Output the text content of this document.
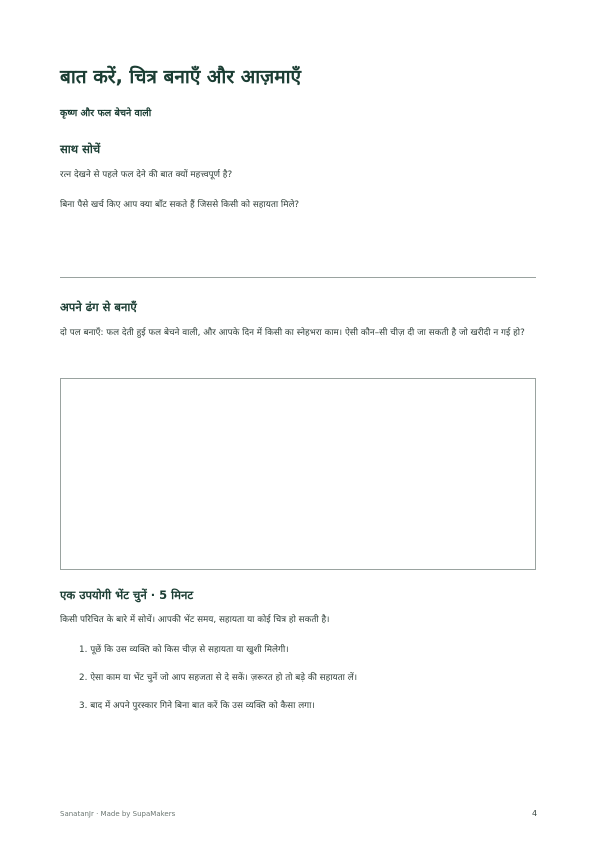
बात करें, चित्र बनाएँ और आज़माएँ

कृष्ण और फल बेचने वाली

साथ सोचें

रत्न देखने से पहले फल देने की बात क्यों महत्त्वपूर्ण है?

बिना पैसे खर्च किए आप क्या बाँट सकते हैं जिससे किसी को सहायता मिले?

अपने ढंग से बनाएँ

दो पल बनाएँ: फल देती हुई फल बेचने वाली, और आपके दिन में किसी का स्नेहभरा काम। ऐसी कौन–सी चीज़ दी जा सकती है जो खरीदी न गई हो?

एक उपयोगी भेंट चुनें · 5 मिनट

किसी परिचित के बारे में सोचें। आपकी भेंट समय, सहायता या कोई चित्र हो सकती है।

1. पूछें कि उस व्यक्ति को किस चीज़ से सहायता या खुशी मिलेगी।
2. ऐसा काम या भेंट चुनें जो आप सहजता से दे सकें। ज़रूरत हो तो बड़े की सहायता लें।
3. बाद में अपने पुरस्कार गिने बिना बात करें कि उस व्यक्ति को कैसा लगा।
SanatanJr · Made by SupaMakers	4
